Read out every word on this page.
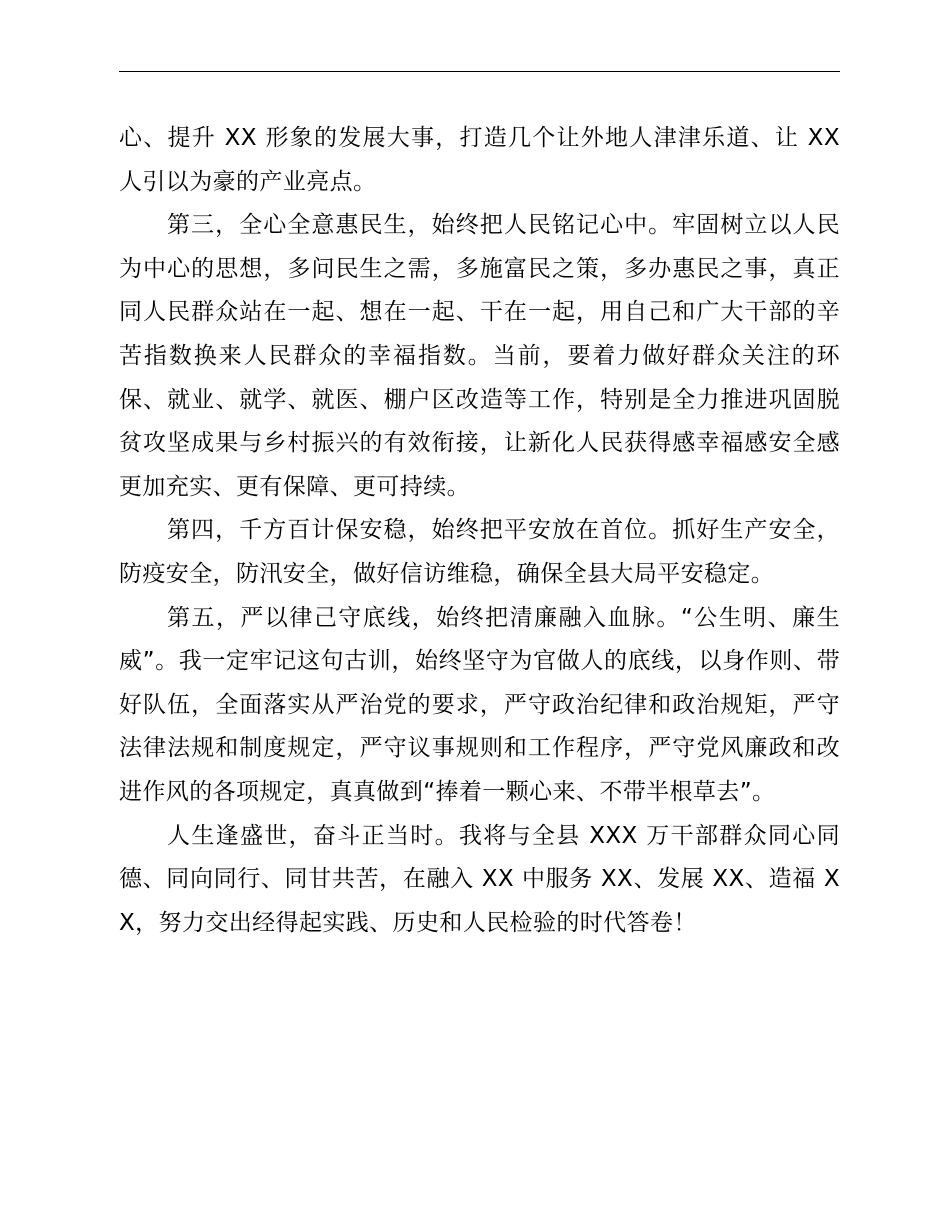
心、提升 XX 形象的发展大事，打造几个让外地人津津乐道、让 XX 人引以为豪的产业亮点。

第三，全心全意惠民生，始终把人民铭记心中。牢固树立以人民为中心的思想，多问民生之需，多施富民之策，多办惠民之事，真正同人民群众站在一起、想在一起、干在一起，用自己和广大干部的辛苦指数换来人民群众的幸福指数。当前，要着力做好群众关注的环保、就业、就学、就医、棚户区改造等工作，特别是全力推进巩固脱贫攻坚成果与乡村振兴的有效衔接，让新化人民获得感幸福感安全感更加充实、更有保障、更可持续。

第四，千方百计保安稳，始终把平安放在首位。抓好生产安全，防疫安全，防汛安全，做好信访维稳，确保全县大局平安稳定。

第五，严以律己守底线，始终把清廉融入血脉。“公生明、廉生威”。我一定牢记这句古训，始终坚守为官做人的底线，以身作则、带好队伍，全面落实从严治党的要求，严守政治纪律和政治规矩，严守法律法规和制度规定，严守议事规则和工作程序，严守党风廉政和改进作风的各项规定，真真做到“捧着一颗心来、不带半根草去”。

人生逢盛世，奋斗正当时。我将与全县 XXX 万干部群众同心同德、同向同行、同甘共苦，在融入 XX 中服务 XX、发展 XX、造福 XX，努力交出经得起实践、历史和人民检验的时代答卷！
